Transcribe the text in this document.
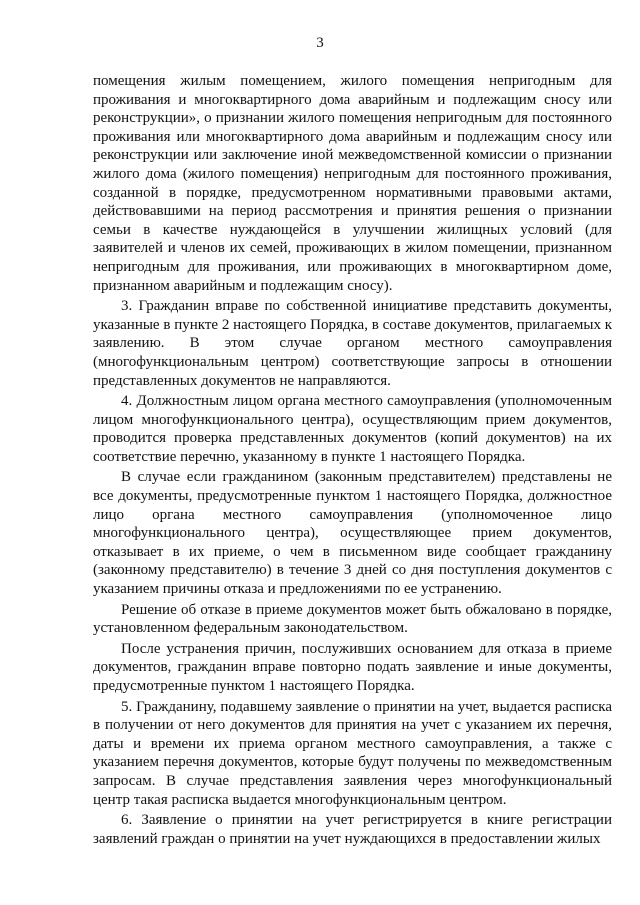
3

помещения жилым помещением, жилого помещения непригодным для проживания и многоквартирного дома аварийным и подлежащим сносу или реконструкции», о признании жилого помещения непригодным для постоянного проживания или многоквартирного дома аварийным и подлежащим сносу или реконструкции или заключение иной межведомственной комиссии о признании жилого дома (жилого помещения) непригодным для постоянного проживания, созданной в порядке, предусмотренном нормативными правовыми актами, действовавшими на период рассмотрения и принятия решения о признании семьи в качестве нуждающейся в улучшении жилищных условий (для заявителей и членов их семей, проживающих в жилом помещении, признанном непригодным для проживания, или проживающих в многоквартирном доме, признанном аварийным и подлежащим сносу).

3. Гражданин вправе по собственной инициативе представить документы, указанные в пункте 2 настоящего Порядка, в составе документов, прилагаемых к заявлению. В этом случае органом местного самоуправления (многофункциональным центром) соответствующие запросы в отношении представленных документов не направляются.

4. Должностным лицом органа местного самоуправления (уполномоченным лицом многофункционального центра), осуществляющим прием документов, проводится проверка представленных документов (копий документов) на их соответствие перечню, указанному в пункте 1 настоящего Порядка.

В случае если гражданином (законным представителем) представлены не все документы, предусмотренные пунктом 1 настоящего Порядка, должностное лицо органа местного самоуправления (уполномоченное лицо многофункционального центра), осуществляющее прием документов, отказывает в их приеме, о чем в письменном виде сообщает гражданину (законному представителю) в течение 3 дней со дня поступления документов с указанием причины отказа и предложениями по ее устранению.

Решение об отказе в приеме документов может быть обжаловано в порядке, установленном федеральным законодательством.

После устранения причин, послуживших основанием для отказа в приеме документов, гражданин вправе повторно подать заявление и иные документы, предусмотренные пунктом 1 настоящего Порядка.

5. Гражданину, подавшему заявление о принятии на учет, выдается расписка в получении от него документов для принятия на учет с указанием их перечня, даты и времени их приема органом местного самоуправления, а также с указанием перечня документов, которые будут получены по межведомственным запросам. В случае представления заявления через многофункциональный центр такая расписка выдается многофункциональным центром.

6. Заявление о принятии на учет регистрируется в книге регистрации заявлений граждан о принятии на учет нуждающихся в предоставлении жилых
